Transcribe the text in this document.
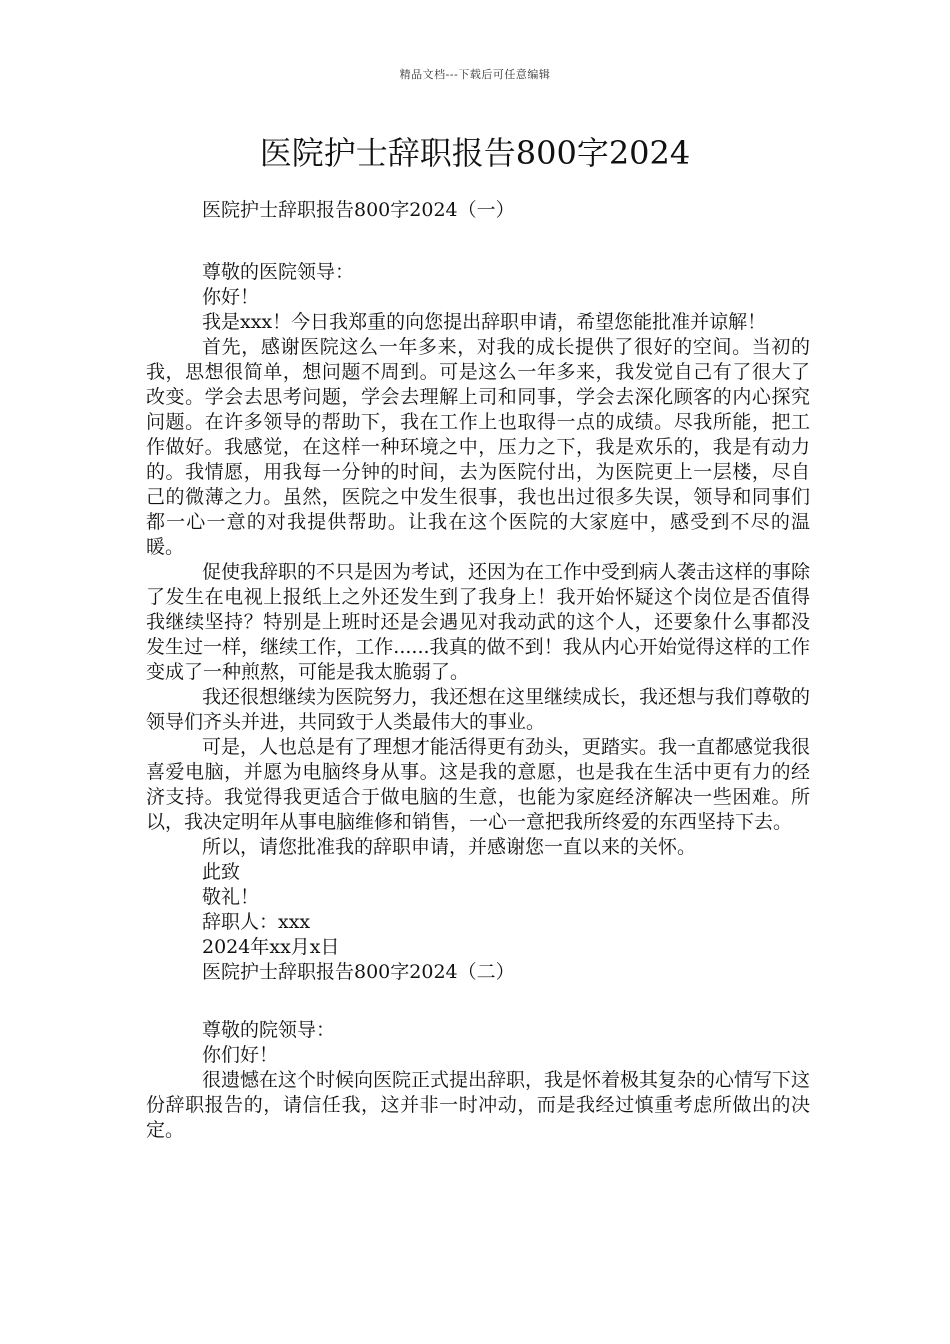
精品文档---下载后可任意编辑
医院护士辞职报告800字2024
医院护士辞职报告800字2024（一）
尊敬的医院领导：
你好！
我是xxx！今日我郑重的向您提出辞职申请，希望您能批准并谅解！
首先，感谢医院这么一年多来，对我的成长提供了很好的空间。当初的我，思想很简单，想问题不周到。可是这么一年多来，我发觉自己有了很大了改变。学会去思考问题，学会去理解上司和同事，学会去深化顾客的内心探究问题。在许多领导的帮助下，我在工作上也取得一点的成绩。尽我所能，把工作做好。我感觉，在这样一种环境之中，压力之下，我是欢乐的，我是有动力的。我情愿，用我每一分钟的时间，去为医院付出，为医院更上一层楼，尽自己的微薄之力。虽然，医院之中发生很事，我也出过很多失误，领导和同事们都一心一意的对我提供帮助。让我在这个医院的大家庭中，感受到不尽的温暖。
促使我辞职的不只是因为考试，还因为在工作中受到病人袭击这样的事除了发生在电视上报纸上之外还发生到了我身上！我开始怀疑这个岗位是否值得我继续坚持？特别是上班时还是会遇见对我动武的这个人，还要象什么事都没发生过一样，继续工作，工作......我真的做不到！我从内心开始觉得这样的工作变成了一种煎熬，可能是我太脆弱了。
我还很想继续为医院努力，我还想在这里继续成长，我还想与我们尊敬的领导们齐头并进，共同致于人类最伟大的事业。
可是，人也总是有了理想才能活得更有劲头，更踏实。我一直都感觉我很喜爱电脑，并愿为电脑终身从事。这是我的意愿，也是我在生活中更有力的经济支持。我觉得我更适合于做电脑的生意，也能为家庭经济解决一些困难。所以，我决定明年从事电脑维修和销售，一心一意把我所终爱的东西坚持下去。
所以，请您批准我的辞职申请，并感谢您一直以来的关怀。
此致
敬礼！
辞职人：xxx
2024年xx月x日
医院护士辞职报告800字2024（二）
尊敬的院领导：
你们好！
很遗憾在这个时候向医院正式提出辞职，我是怀着极其复杂的心情写下这份辞职报告的，请信任我，这并非一时冲动，而是我经过慎重考虑所做出的决定。
